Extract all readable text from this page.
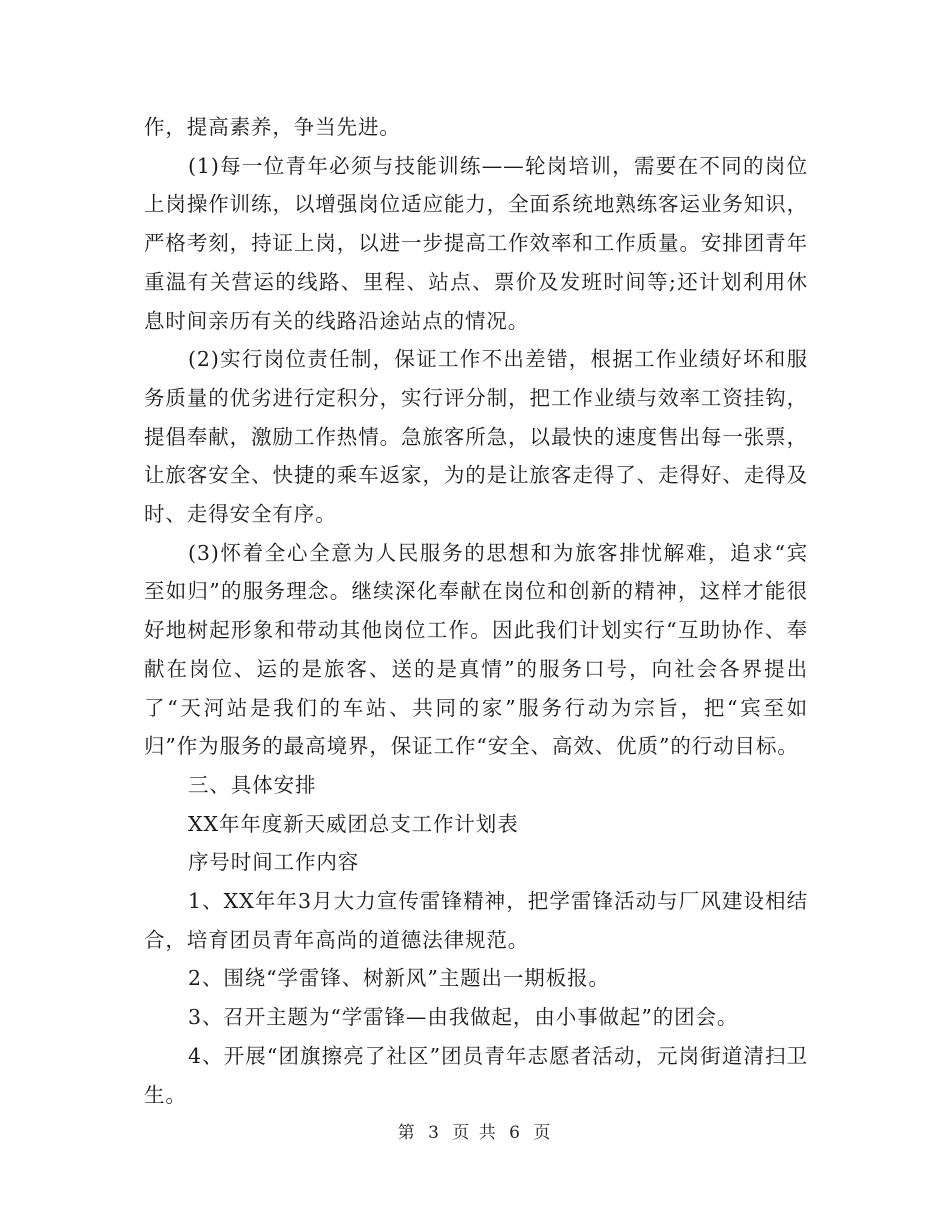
作，提高素养，争当先进。

(1)每一位青年必须与技能训练——轮岗培训，需要在不同的岗位上岗操作训练，以增强岗位适应能力，全面系统地熟练客运业务知识，严格考刻，持证上岗，以进一步提高工作效率和工作质量。安排团青年重温有关营运的线路、里程、站点、票价及发班时间等;还计划利用休息时间亲历有关的线路沿途站点的情况。

(2)实行岗位责任制，保证工作不出差错，根据工作业绩好坏和服务质量的优劣进行定积分，实行评分制，把工作业绩与效率工资挂钩，提倡奉献，激励工作热情。急旅客所急，以最快的速度售出每一张票，让旅客安全、快捷的乘车返家，为的是让旅客走得了、走得好、走得及时、走得安全有序。

(3)怀着全心全意为人民服务的思想和为旅客排忧解难，追求“宾至如归”的服务理念。继续深化奉献在岗位和创新的精神，这样才能很好地树起形象和带动其他岗位工作。因此我们计划实行“互助协作、奉献在岗位、运的是旅客、送的是真情”的服务口号，向社会各界提出了“天河站是我们的车站、共同的家”服务行动为宗旨，把“宾至如归”作为服务的最高境界，保证工作“安全、高效、优质”的行动目标。

三、具体安排

XX年年度新天威团总支工作计划表

序号时间工作内容

1、XX年年3月大力宣传雷锋精神，把学雷锋活动与厂风建设相结合，培育团员青年高尚的道德法律规范。

2、围绕“学雷锋、树新风”主题出一期板报。

3、召开主题为“学雷锋—由我做起，由小事做起”的团会。

4、开展“团旗擦亮了社区”团员青年志愿者活动，元岗街道清扫卫生。

第 3 页 共 6 页
